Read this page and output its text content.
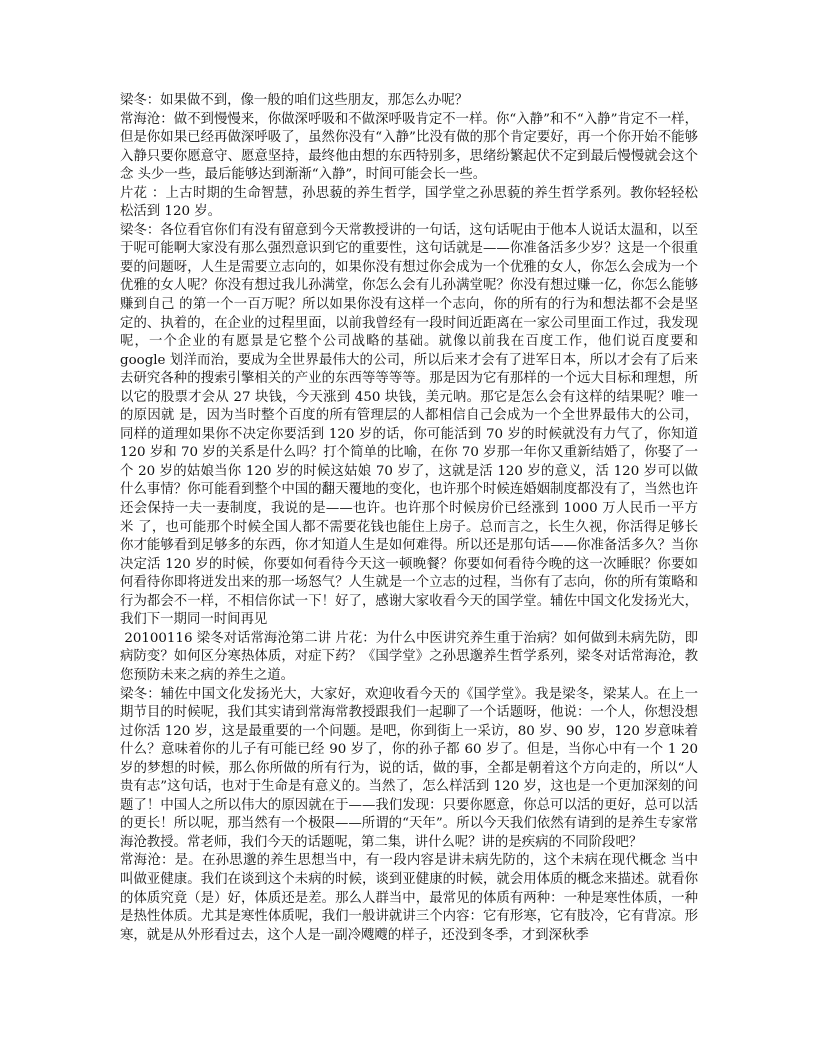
梁冬：如果做不到，像一般的咱们这些朋友，那怎么办呢？

常海沧：做不到慢慢来，你做深呼吸和不做深呼吸肯定不一样。你“入静”和不“入静”肯定不一样，但是你如果已经再做深呼吸了，虽然你没有“入静”比没有做的那个肯定要好，再一个你开始不能够入静只要你愿意守、愿意坚持，最终他由想的东西特别多，思绪纷繁起伏不定到最后慢慢就会这个念 头少一些，最后能够达到渐渐“入静”，时间可能会长一些。

片花 ：上古时期的生命智慧，孙思藐的养生哲学，国学堂之孙思藐的养生哲学系列。教你轻轻松松活到 120 岁。

梁冬：各位看官你们有没有留意到今天常教授讲的一句话，这句话呢由于他本人说话太温和，以至于呢可能啊大家没有那么强烈意识到它的重要性，这句话就是——你准备活多少岁？这是一个很重要的问题呀，人生是需要立志向的，如果你没有想过你会成为一个优雅的女人，你怎么会成为一个优雅的女人呢？你没有想过我儿孙满堂，你怎么会有儿孙满堂呢？你没有想过赚一亿，你怎么能够赚到自己 的第一个一百万呢？所以如果你没有这样一个志向，你的所有的行为和想法都不会是坚定的、执着的，在企业的过程里面，以前我曾经有一段时间近距离在一家公司里面工作过，我发现呢，一个企业的有愿景是它整个公司战略的基础。就像以前我在百度工作，他们说百度要和 google 划洋而治，要成为全世界最伟大的公司，所以后来才会有了进军日本，所以才会有了后来去研究各种的搜索引擎相关的产业的东西等等等等。那是因为它有那样的一个远大目标和理想，所以它的股票才会从 27 块钱，今天涨到 450 块钱，美元呐。那它是怎么会有这样的结果呢？唯一的原因就 是，因为当时整个百度的所有管理层的人都相信自己会成为一个全世界最伟大的公司，同样的道理如果你不决定你要活到 120 岁的话，你可能活到 70 岁的时候就没有力气了，你知道 120 岁和 70 岁的关系是什么吗？打个简单的比喻，在你 70 岁那一年你又重新结婚了，你娶了一个 20 岁的姑娘当你 120 岁的时候这姑娘 70 岁了，这就是活 120 岁的意义，活 120 岁可以做什么事情？你可能看到整个中国的翻天覆地的变化，也许那个时候连婚姻制度都没有了，当然也许还会保持一夫一妻制度，我说的是——也许。也许那个时候房价已经涨到 1000 万人民币一平方米 了，也可能那个时候全国人都不需要花钱也能住上房子。总而言之，长生久视，你活得足够长你才能够看到足够多的东西，你才知道人生是如何难得。所以还是那句话——你准备活多久？当你决定活 120 岁的时候，你要如何看待今天这一顿晚餐？你要如何看待今晚的这一次睡眠？你要如何看待你即将迸发出来的那一场怒气？人生就是一个立志的过程，当你有了志向，你的所有策略和行为都会不一样，不相信你试一下！好了，感谢大家收看今天的国学堂。辅佐中国文化发扬光大，我们下一期同一时间再见

20100116 梁冬对话常海沧第二讲 片花：为什么中医讲究养生重于治病？如何做到未病先防，即病防变？如何区分寒热体质，对症下药？《国学堂》之孙思邈养生哲学系列，梁冬对话常海沧，教您预防未来之病的养生之道。

梁冬：辅佐中国文化发扬光大，大家好，欢迎收看今天的《国学堂》。我是梁冬，梁某人。在上一期节目的时候呢，我们其实请到常海常教授跟我们一起聊了一个话题呀，他说：一个人，你想没想过你活 120 岁，这是最重要的一个问题。是吧，你到街上一采访，80 岁、90 岁，120 岁意味着什么？意味着你的儿子有可能已经 90 岁了，你的孙子都 60 岁了。但是，当你心中有一个 1 20 岁的梦想的时候，那么你所做的所有行为，说的话，做的事，全都是朝着这个方向走的，所以“人贵有志”这句话，也对于生命是有意义的。当然了，怎么样活到 120 岁，这也是一个更加深刻的问题了！中国人之所以伟大的原因就在于——我们发现：只要你愿意，你总可以活的更好，总可以活的更长！所以呢，那当然有一个极限——所谓的“天年”。所以今天我们依然有请到的是养生专家常海沧教授。常老师，我们今天的话题呢，第二集，讲什么呢？讲的是疾病的不同阶段吧？

常海沧：是。在孙思邈的养生思想当中，有一段内容是讲未病先防的，这个未病在现代概念 当中叫做亚健康。我们在谈到这个未病的时候，谈到亚健康的时候，就会用体质的概念来描述。就看你的体质究竟（是）好，体质还是差。那么人群当中，最常见的体质有两种：一种是寒性体质，一种是热性体质。尤其是寒性体质呢，我们一般讲就讲三个内容：它有形寒，它有肢冷，它有背凉。形寒，就是从外形看过去，这个人是一副冷飕飕的样子，还没到冬季，才到深秋季
